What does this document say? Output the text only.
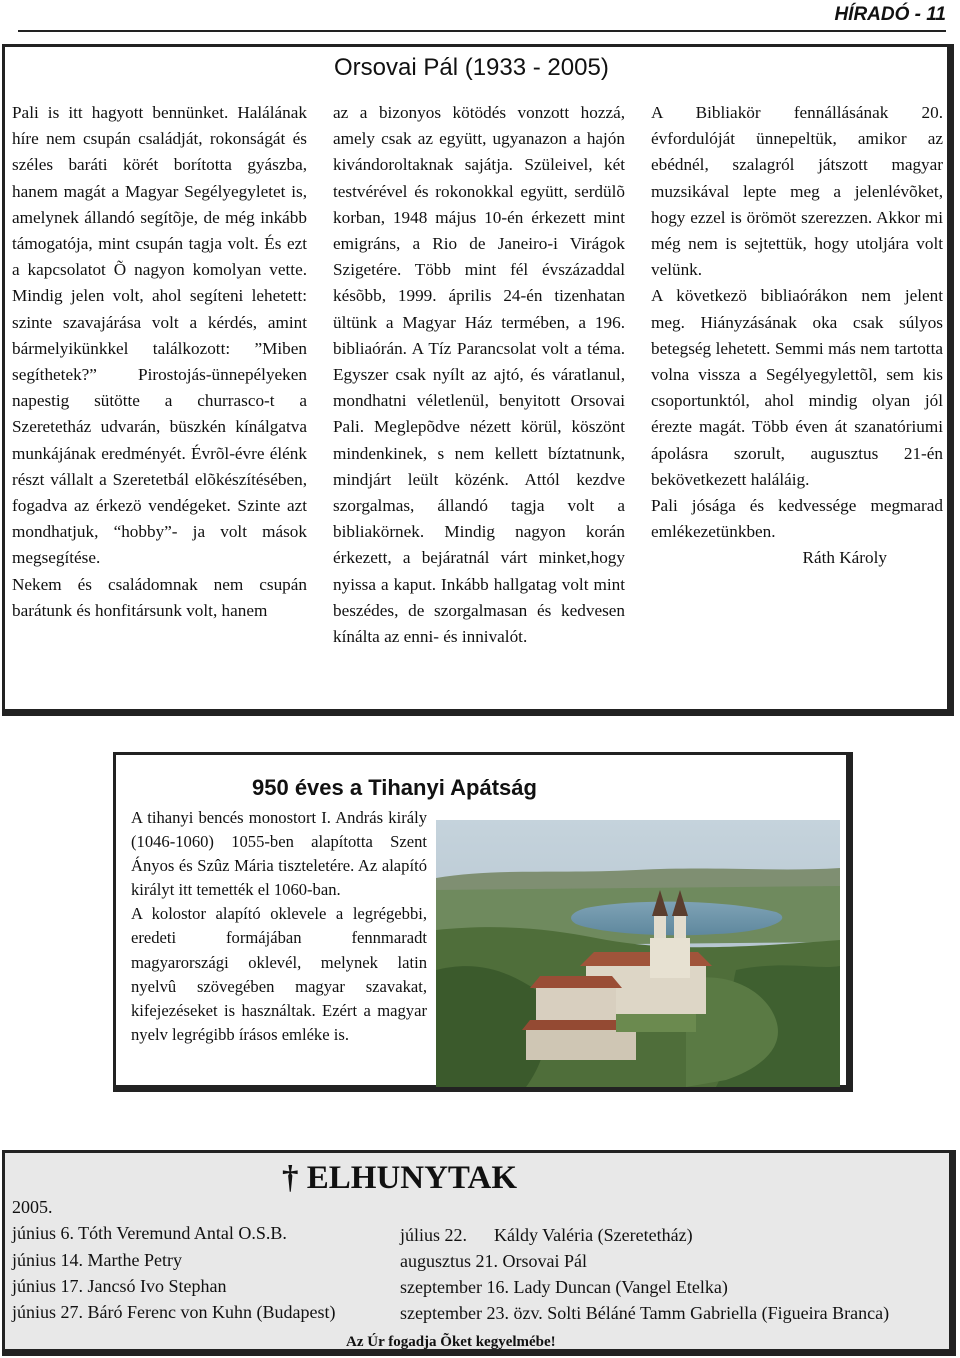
HÍRADÓ - 11
Orsovai Pál (1933 - 2005)

Pali is itt hagyott bennünket. Halálának híre nem csupán családját, rokonságát és széles baráti körét borította gyászba, hanem magát a Magyar Segélyegyletet is, amelynek állandó segítõje, de még inkább támogatója, mint csupán tagja volt. És ezt a kapcsolatot Õ nagyon komolyan vette. Mindig jelen volt, ahol segíteni lehetett: szinte szavajárása volt a kérdés, amint bármelyikünkkel találkozott: ”Miben segíthetek?” Pirostojás-ünnepélyeken napestig sütötte a churrasco-t a Szeretetház udvarán, büszkén kínálgatva munkájának eredményét. Évrõl-évre élénk részt vállalt a Szeretetbál elõkészítésében, fogadva az érkezö vendégeket. Szinte azt mondhatjuk, “hobby”- ja volt mások megsegítése.

Nekem és családomnak nem csupán barátunk és honfitársunk volt, hanem

az a bizonyos kötödés vonzott hozzá, amely csak az együtt, ugyanazon a hajón kivándoroltaknak sajátja. Szüleivel, két testvérével és rokonokkal együtt, serdülõ korban, 1948 május 10-én érkezett mint emigráns, a Rio de Janeiro-i Virágok Szigetére. Több mint fél évszázaddal késõbb, 1999. április 24-én tizenhatan ültünk a Magyar Ház termében, a 196. bibliaórán. A Tíz Parancsolat volt a téma. Egyszer csak nyílt az ajtó, és váratlanul, mondhatni véletlenül, benyitott Orsovai Pali. Meglepõdve nézett körül, köszönt mindenkinek, s nem kellett bíztatnunk, mindjárt leült közénk. Attól kezdve szorgalmas, állandó tagja volt a bibliakörnek. Mindig nagyon korán érkezett, a bejáratnál várt minket,hogy nyissa a kaput. Inkább hallgatag volt mint beszédes, de szorgalmasan és kedvesen kínálta az enni- és innivalót.

A Bibliakör fennállásának 20. évfordulóját ünnepeltük, amikor az ebédnél, szalagról játszott magyar muzsikával lepte meg a jelenlévõket, hogy ezzel is örömöt szerezzen. Akkor mi még nem is sejtettük, hogy utoljára volt velünk.

A következö bibliaórákon nem jelent meg. Hiányzásának oka csak súlyos betegség lehetett. Semmi más nem tartotta volna vissza a Segélyegylettõl, sem kis csoportunktól, ahol mindig olyan jól érezte magát. Több éven át szanatóriumi ápolásra szorult, augusztus 21-én bekövetkezett haláláig.

Pali jósága és kedvessége megmarad emlékezetünkben.

Ráth Károly

950 éves a Tihanyi Apátság

A tihanyi bencés monostort I. András király (1046-1060) 1055-ben alapította Szent Ányos és Szûz Mária tiszteletére. Az alapító királyt itt temették el 1060-ban.

A kolostor alapító oklevele a legrégebbi, eredeti formájában fennmaradt magyarországi oklevél, melynek latin nyelvû szövegében magyar szavakat, kifejezéseket is használtak. Ezért a magyar nyelv legrégibb írásos emléke is.

† ELHUNYTAK
2005.
június 6. Tóth Veremund Antal O.S.B.
június 14. Marthe Petry
június 17. Jancsó Ivo Stephan
június 27. Báró Ferenc von Kuhn (Budapest)
július 22.      Káldy Valéria (Szeretetház)
augusztus 21. Orsovai Pál
szeptember 16. Lady Duncan (Vangel Etelka)
szeptember 23. özv. Solti Béláné Tamm Gabriella (Figueira Branca)
Az Úr fogadja Õket kegyelmébe!
